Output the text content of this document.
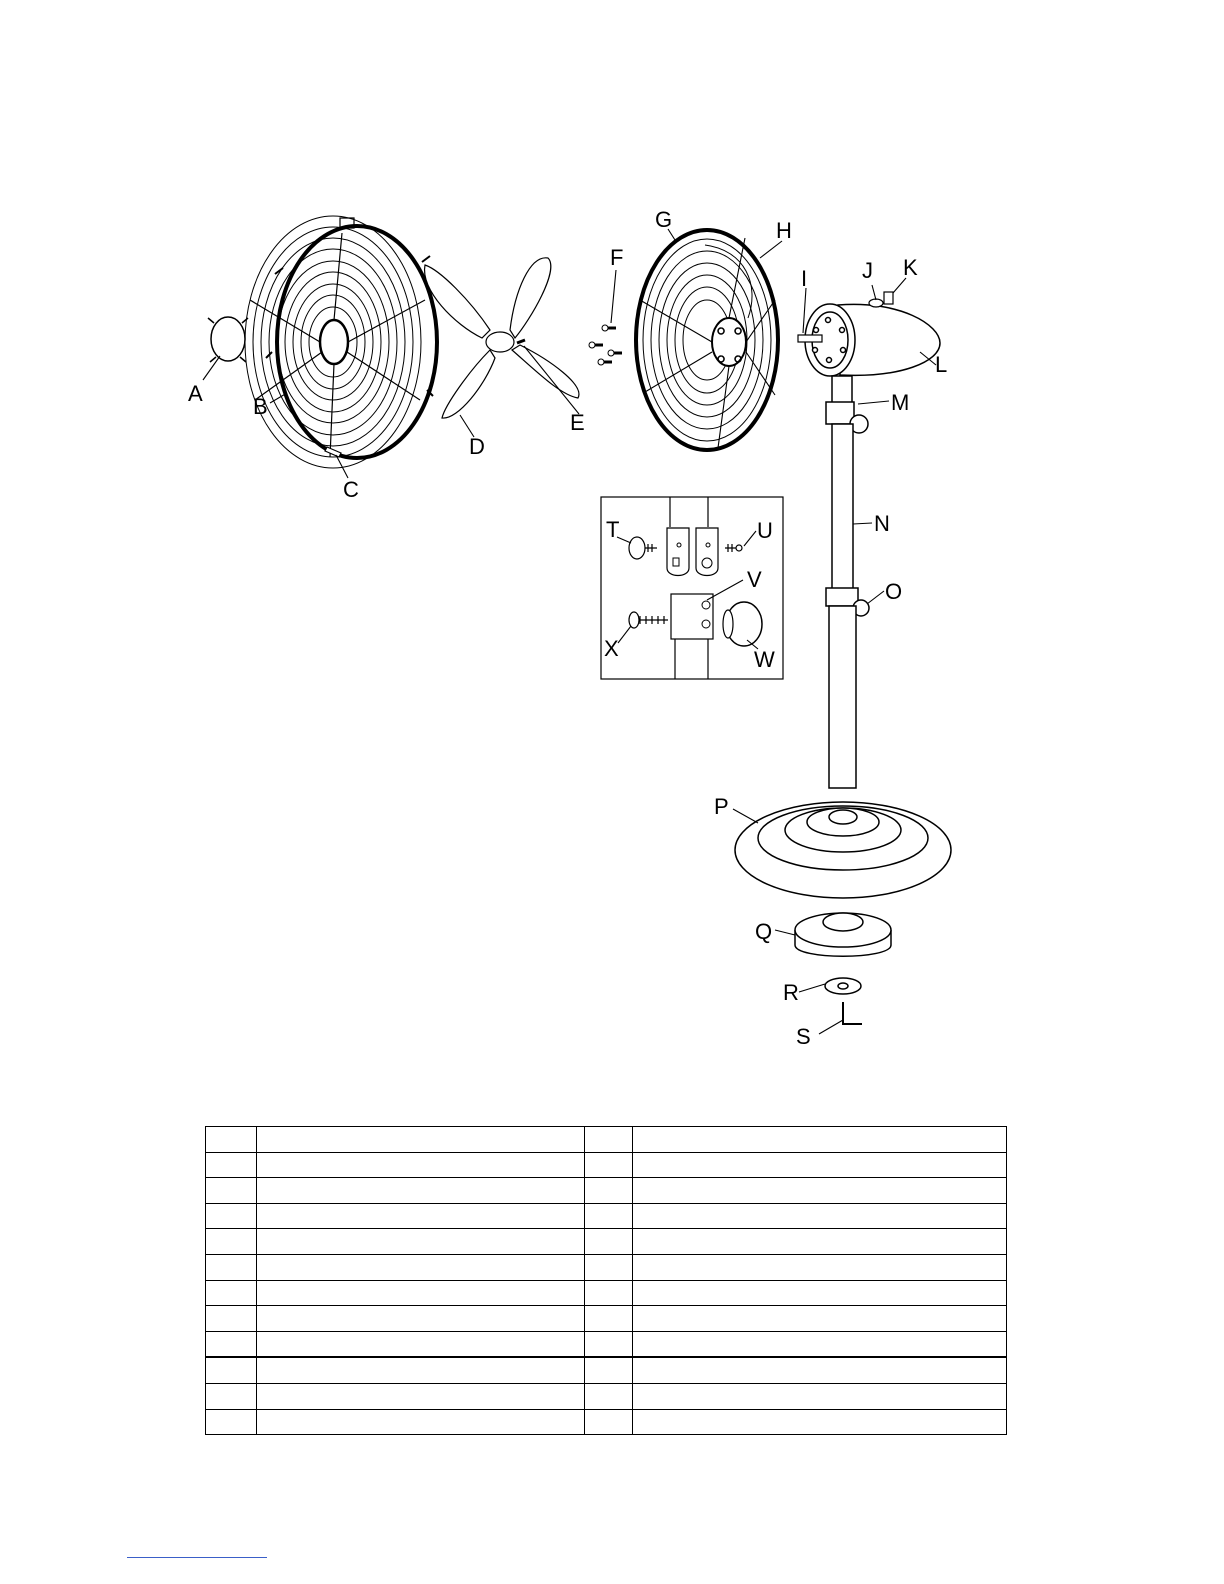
A
B
C
D
E
F
G	H
I J K
L
M
N
O
P
Q
R
S
T	U
V
W
X
